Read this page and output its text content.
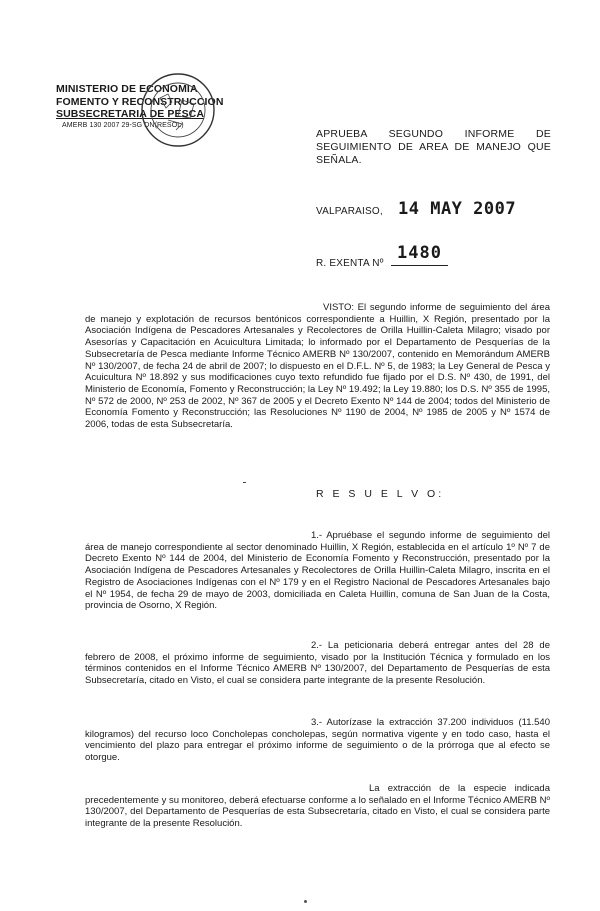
MINISTERIO DE ECONOMIA
FOMENTO Y RECONSTRUCCION
SUBSECRETARIA DE PESCA
AMERB 130 2007 29-SG DN(RESOL)
APRUEBA SEGUNDO INFORME DE SEGUIMIENTO DE AREA DE MANEJO QUE SEÑALA.
VALPARAISO, 14 MAY 2007
R. EXENTA Nº
1480
VISTO: El segundo informe de seguimiento del área de manejo y explotación de recursos bentónicos correspondiente a Huillin, X Región, presentado por la Asociación Indígena de Pescadores Artesanales y Recolectores de Orilla Huillin-Caleta Milagro; visado por Asesorías y Capacitación en Acuicultura Limitada; lo informado por el Departamento de Pesquerías de la Subsecretaría de Pesca mediante Informe Técnico AMERB Nº 130/2007, contenido en Memorándum AMERB Nº 130/2007, de fecha 24 de abril de 2007; lo dispuesto en el D.F.L. Nº 5, de 1983; la Ley General de Pesca y Acuicultura Nº 18.892 y sus modificaciones cuyo texto refundido fue fijado por el D.S. Nº 430, de 1991, del Ministerio de Economía, Fomento y Reconstrucción; la Ley Nº 19.492; la Ley 19.880; los D.S. Nº 355 de 1995, Nº 572 de 2000, Nº 253 de 2002, Nº 367 de 2005 y el Decreto Exento Nº 144 de 2004; todos del Ministerio de Economía Fomento y Reconstrucción; las Resoluciones Nº 1190 de 2004, Nº 1985 de 2005 y Nº 1574 de 2006, todas de esta Subsecretaría.
R E S U E L V O:
1.- Apruébase el segundo informe de seguimiento del área de manejo correspondiente al sector denominado Huillin, X Región, establecida en el artículo 1º Nº 7 de Decreto Exento Nº 144 de 2004, del Ministerio de Economía Fomento y Reconstrucción, presentado por la Asociación Indígena de Pescadores Artesanales y Recolectores de Orilla Huillin-Caleta Milagro, inscrita en el Registro de Asociaciones Indígenas con el Nº 179 y en el Registro Nacional de Pescadores Artesanales bajo el Nº 1954, de fecha 29 de mayo de 2003, domiciliada en Caleta Huillin, comuna de San Juan de la Costa, provincia de Osorno, X Región.
2.- La peticionaria deberá entregar antes del 28 de febrero de 2008, el próximo informe de seguimiento, visado por la Institución Técnica y formulado en los términos contenidos en el Informe Técnico AMERB Nº 130/2007, del Departamento de Pesquerías de esta Subsecretaría, citado en Visto, el cual se considera parte integrante de la presente Resolución.
3.- Autorízase la extracción 37.200 individuos (11.540 kilogramos) del recurso loco Concholepas concholepas, según normativa vigente y en todo caso, hasta el vencimiento del plazo para entregar el próximo informe de seguimiento o de la prórroga que al efecto se otorgue.
La extracción de la especie indicada precedentemente y su monitoreo, deberá efectuarse conforme a lo señalado en el Informe Técnico AMERB Nº 130/2007, del Departamento de Pesquerías de esta Subsecretaría, citado en Visto, el cual se considera parte integrante de la presente Resolución.
